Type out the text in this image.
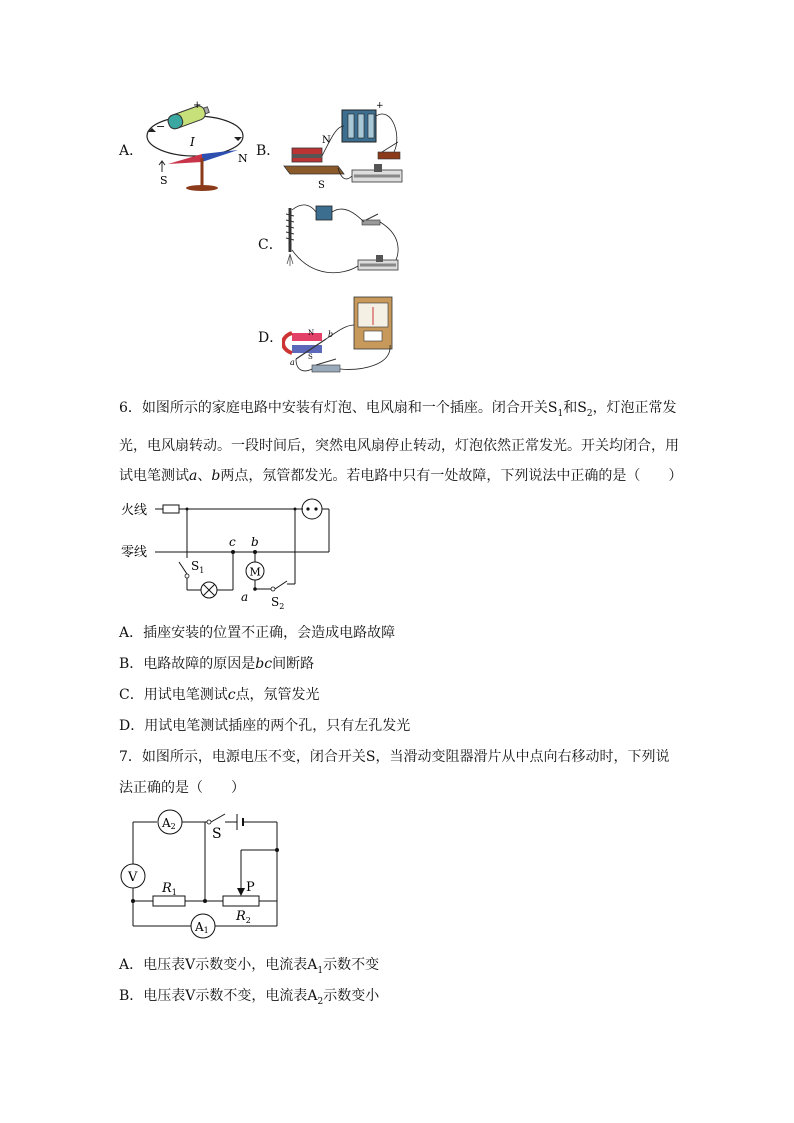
A．	B．
C．
D．
+
−
I
N
S
N
S
+
N
S
a
b
6．如图所示的家庭电路中安装有灯泡、电风扇和一个插座。闭合开关$S_1$和$S_2$，灯泡正常发
光，电风扇转动。一段时间后，突然电风扇停止转动，灯泡依然正常发光。开关均闭合，用
试电笔测试a、b两点，氖管都发光。若电路中只有一处故障，下列说法中正确的是（　　）
火线
零线
$S_1$
c b
M
a $S_2$
A．插座安装的位置不正确，会造成电路故障
B．电路故障的原因是bc间断路
C．用试电笔测试c点，氖管发光
D．用试电笔测试插座的两个孔，只有左孔发光
7．如图所示，电源电压不变，闭合开关S，当滑动变阻器滑片从中点向右移动时，下列说
法正确的是（　　）
A2	S
V
$R_1$	P
$R_2$
A1
A．电压表V示数变小，电流表$A_1$示数不变
B．电压表V示数不变，电流表$A_2$示数变小
